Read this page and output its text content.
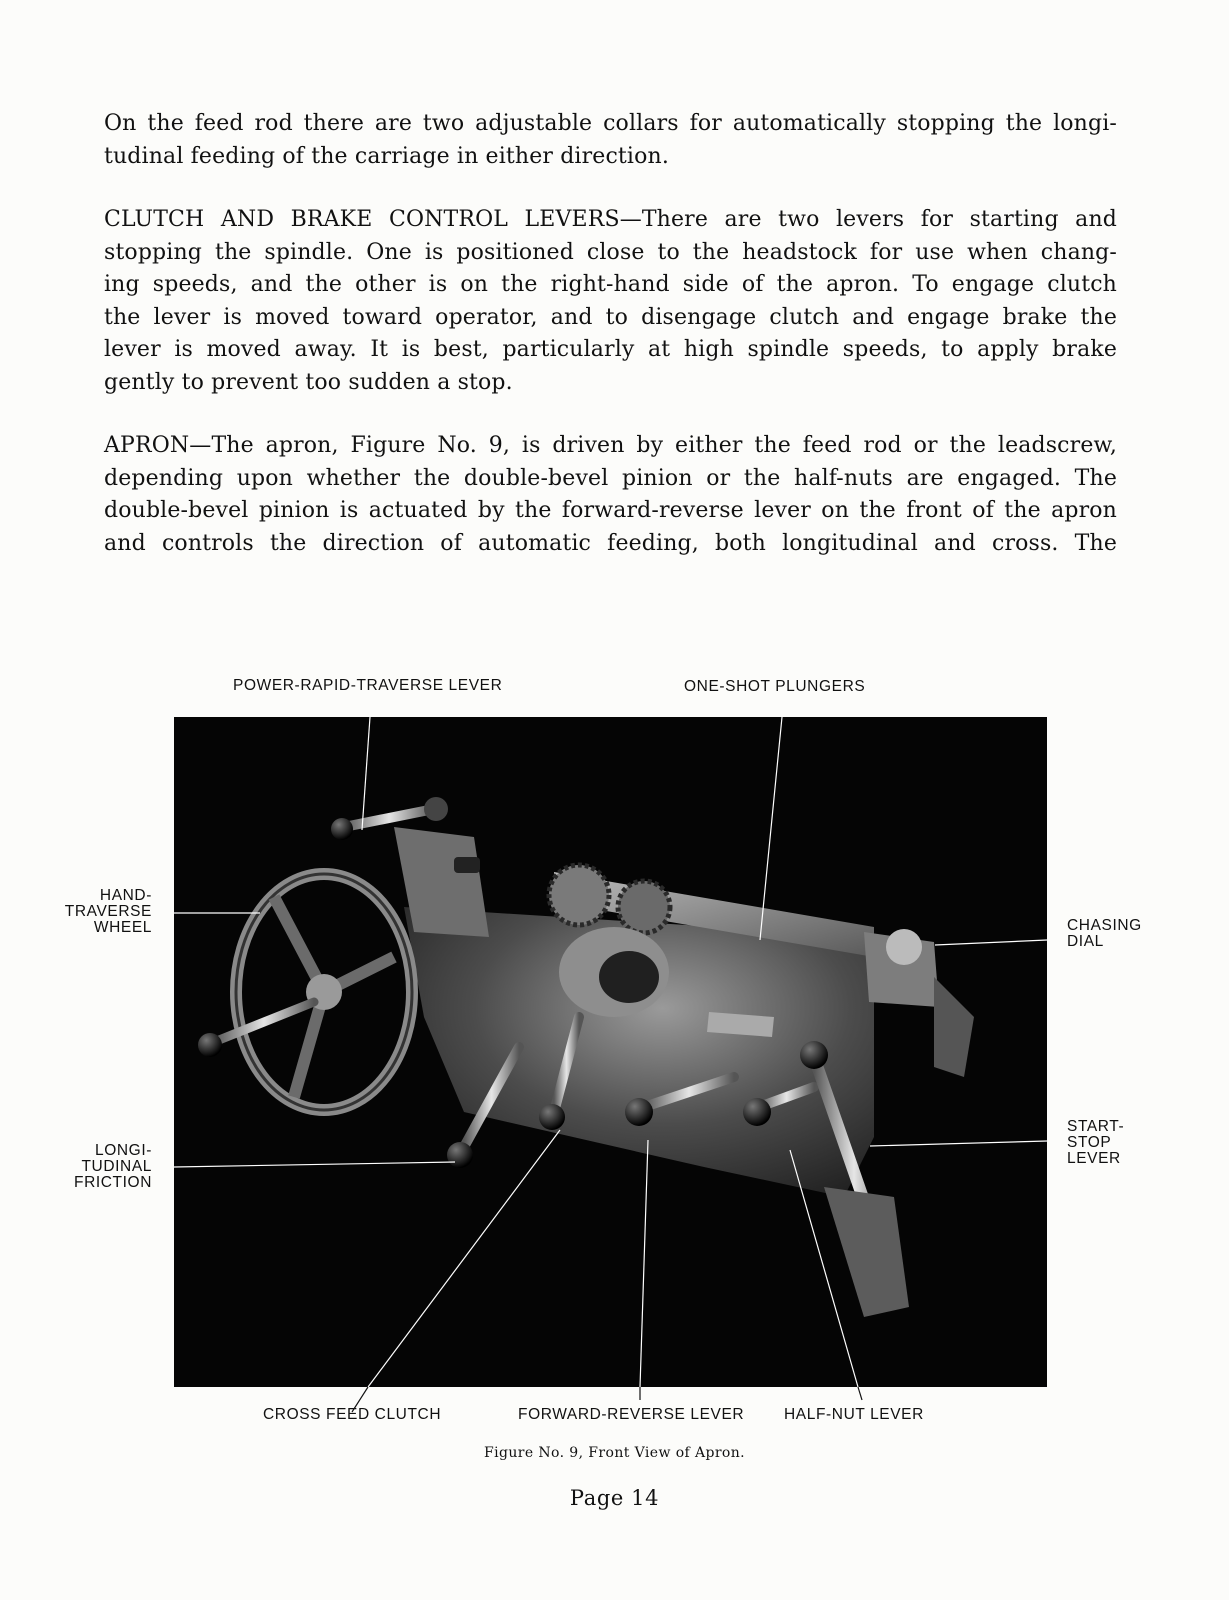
On the feed rod there are two adjustable collars for automatically stopping the longi-
tudinal feeding of the carriage in either direction.

CLUTCH AND BRAKE CONTROL LEVERS—There are two levers for starting and
stopping the spindle. One is positioned close to the headstock for use when chang-
ing speeds, and the other is on the right-hand side of the apron. To engage clutch
the lever is moved toward operator, and to disengage clutch and engage brake the
lever is moved away. It is best, particularly at high spindle speeds, to apply brake
gently to prevent too sudden a stop.

APRON—The apron, Figure No. 9, is driven by either the feed rod or the leadscrew,
depending upon whether the double-bevel pinion or the half-nuts are engaged. The
double-bevel pinion is actuated by the forward-reverse lever on the front of the apron
and controls the direction of automatic feeding, both longitudinal and cross. The

POWER-RAPID-TRAVERSE LEVER	ONE-SHOT PLUNGERS
HAND-
TRAVERSE
WHEEL
LONGI-
TUDINAL
FRICTION
CHASING
DIAL
START-
STOP
LEVER
CROSS FEED CLUTCH	FORWARD-REVERSE LEVER	HALF-NUT LEVER
Figure No. 9, Front View of Apron.
Page 14
